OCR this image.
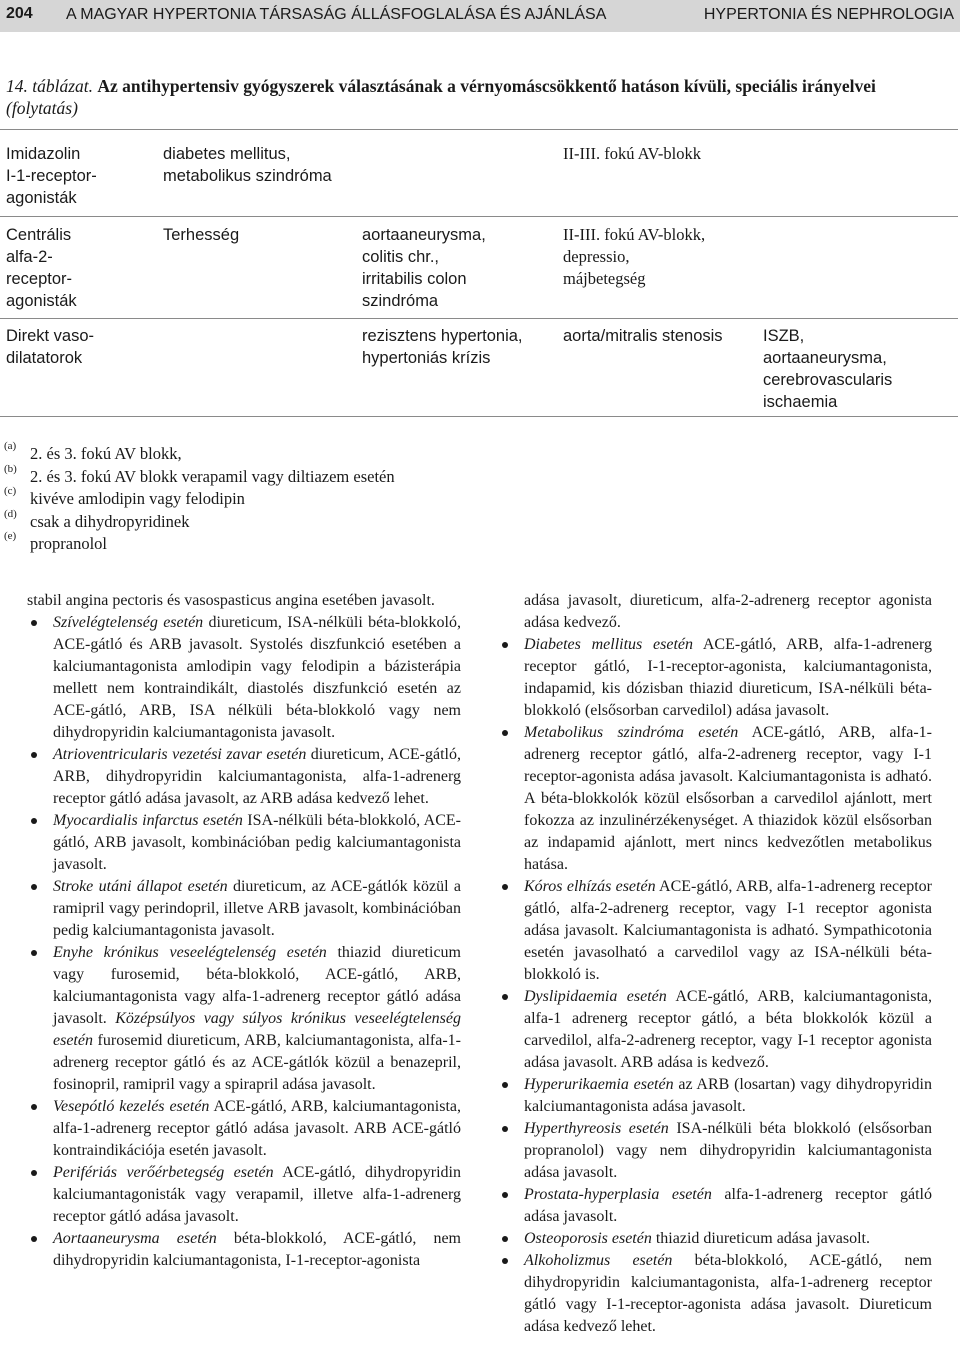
204 A MAGYAR HYPERTONIA TÁRSASÁG ÁLLÁSFOGLALÁSA ÉS AJÁNLÁSA	HYPERTONIA ÉS NEPHROLOGIA
14. táblázat. Az antihypertensiv gyógyszerek választásának a vérnyomáscsökkentő hatáson kívüli, speciális irányelvei
(folytatás)
Imidazolin
I-1-receptor-
agonisták
diabetes mellitus,
metabolikus szindróma
II-III. fokú AV-blokk
Centrális
alfa-2-
receptor-
agonisták
Terhesség	aortaaneurysma,
colitis chr.,
irritabilis colon
szindróma
II-III. fokú AV-blokk,
depressio,
májbetegség
Direkt vaso-
dilatatorok
rezisztens hypertonia,
hypertoniás krízis
aorta/mitralis stenosis ISZB,
aortaaneurysma,
cerebrovascularis
ischaemia
(a) 2. és 3. fokú AV blokk,
(b) 2. és 3. fokú AV blokk verapamil vagy diltiazem esetén
(c) kivéve amlodipin vagy felodipin
(d) csak a dihydropyridinek
(e) propranolol

stabil angina pectoris és vasospasticus angina esetében javasolt.

Szívelégtelenség esetén diureticum, ISA-nélküli béta-blokkoló, ACE-gátló és ARB javasolt. Systolés diszfunkció esetében a kalciumantagonista amlodipin vagy felodipin a bázisterápia mellett nem kontraindikált, diastolés diszfunkció esetén az ACE-gátló, ARB, ISA nélküli béta-blokkoló vagy nem dihydropyridin kalciumantagonista javasolt.
Atrioventricularis vezetési zavar esetén diureticum, ACE-gátló, ARB, dihydropyridin kalciumantagonista, alfa-1-adrenerg receptor gátló adása javasolt, az ARB adása kedvező lehet.
Myocardialis infarctus esetén ISA-nélküli béta-blokkoló, ACE-gátló, ARB javasolt, kombinációban pedig kalciumantagonista javasolt.
Stroke utáni állapot esetén diureticum, az ACE-gátlók közül a ramipril vagy perindopril, illetve ARB javasolt, kombinációban pedig kalciumantagonista javasolt.
Enyhe krónikus veseelégtelenség esetén thiazid diureticum vagy furosemid, béta-blokkoló, ACE-gátló, ARB, kalciumantagonista vagy alfa-1-adrenerg receptor gátló adása javasolt. Középsúlyos vagy súlyos krónikus veseelégtelenség esetén furosemid diureticum, ARB, kalciumantagonista, alfa-1-adrenerg receptor gátló és az ACE-gátlók közül a benazepril, fosinopril, ramipril vagy a spirapril adása javasolt.
Vesepótló kezelés esetén ACE-gátló, ARB, kalciumantagonista, alfa-1-adrenerg receptor gátló adása javasolt. ARB ACE-gátló kontraindikációja esetén javasolt.
Perifériás verőérbetegség esetén ACE-gátló, dihydropyridin kalciumantagonisták vagy verapamil, illetve alfa-1-adrenerg receptor gátló adása javasolt.
Aortaaneurysma esetén béta-blokkoló, ACE-gátló, nem dihydropyridin kalciumantagonista, I-1-receptor-agonista

adása javasolt, diureticum, alfa-2-adrenerg receptor agonista adása kedvező.

Diabetes mellitus esetén ACE-gátló, ARB, alfa-1-adrenerg receptor gátló, I-1-receptor-agonista, kalciumantagonista, indapamid, kis dózisban thiazid diureticum, ISA-nélküli béta-blokkoló (elsősorban carvedilol) adása javasolt.
Metabolikus szindróma esetén ACE-gátló, ARB, alfa-1-adrenerg receptor gátló, alfa-2-adrenerg receptor, vagy I-1 receptor-agonista adása javasolt. Kalciumantagonista is adható. A béta-blokkolók közül elsősorban a carvedilol ajánlott, mert fokozza az inzulinérzékenységet. A thiazidok közül elsősorban az indapamid ajánlott, mert nincs kedvezőtlen metabolikus hatása.
Kóros elhízás esetén ACE-gátló, ARB, alfa-1-adrenerg receptor gátló, alfa-2-adrenerg receptor, vagy I-1 receptor agonista adása javasolt. Kalciumantagonista is adható. Sympathicotonia esetén javasolható a carvedilol vagy az ISA-nélküli béta-blokkoló is.
Dyslipidaemia esetén ACE-gátló, ARB, kalciumantagonista, alfa-1 adrenerg receptor gátló, a béta blokkolók közül a carvedilol, alfa-2-adrenerg receptor, vagy I-1 receptor agonista adása javasolt. ARB adása is kedvező.
Hyperurikaemia esetén az ARB (losartan) vagy dihydropyridin kalciumantagonista adása javasolt.
Hyperthyreosis esetén ISA-nélküli béta blokkoló (elsősorban propranolol) vagy nem dihydropyridin kalciumantagonista adása javasolt.
Prostata-hyperplasia esetén alfa-1-adrenerg receptor gátló adása javasolt.
Osteoporosis esetén thiazid diureticum adása javasolt.
Alkoholizmus esetén béta-blokkoló, ACE-gátló, nem dihydropyridin kalciumantagonista, alfa-1-adrenerg receptor gátló vagy I-1-receptor-agonista adása javasolt. Diureticum adása kedvező lehet.
